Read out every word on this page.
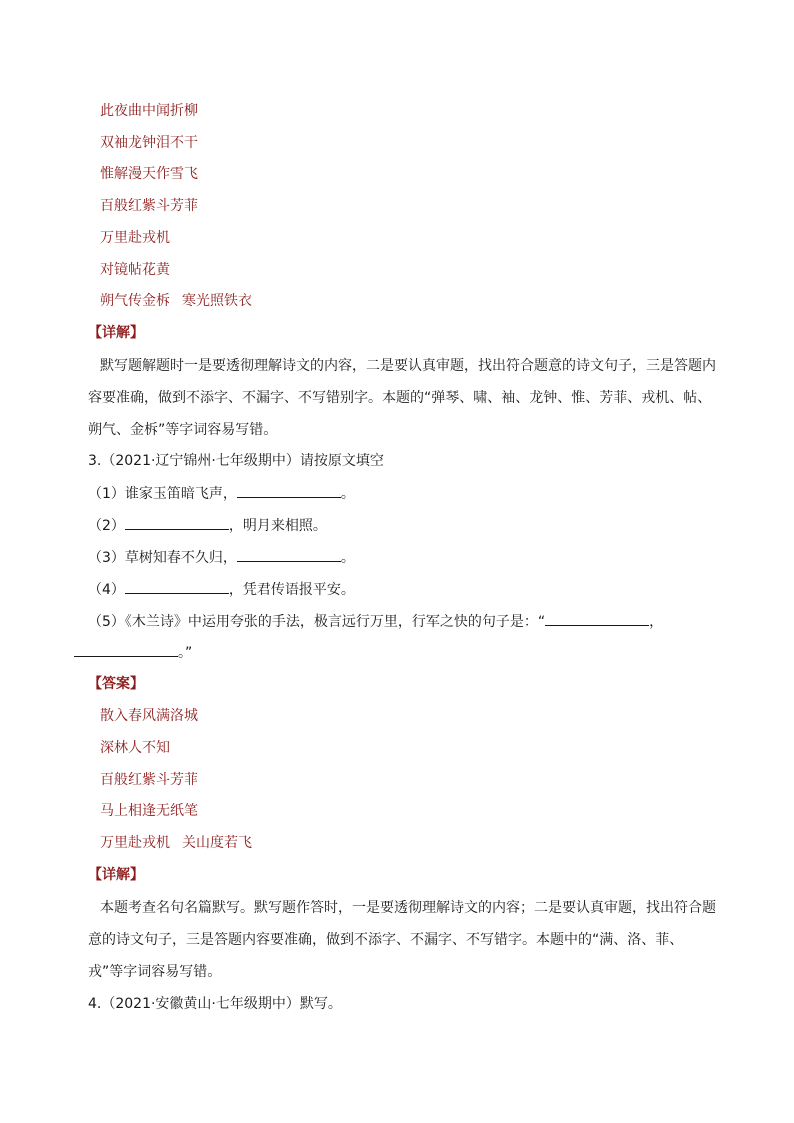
此夜曲中闻折柳
双袖龙钟泪不干
惟解漫天作雪飞
百般红紫斗芳菲
万里赴戎机
对镜帖花黄
朔气传金柝 寒光照铁衣
【详解】
默写题解题时一是要透彻理解诗文的内容，二是要认真审题，找出符合题意的诗文句子，三是答题内容要准确，做到不添字、不漏字、不写错别字。本题的“弹琴、啸、袖、龙钟、惟、芳菲、戎机、帖、朔气、金柝”等字词容易写错。
3.（2021·辽宁锦州·七年级期中）请按原文填空
（1）谁家玉笛暗飞声，	。
（2）	，明月来相照。
（3）草树知春不久归，	。
（4）	，凭君传语报平安。
（5）《木兰诗》中运用夸张的手法，极言远行万里，行军之快的句子是：“	，
。”
【答案】
散入春风满洛城
深林人不知
百般红紫斗芳菲
马上相逢无纸笔
万里赴戎机 关山度若飞
【详解】
本题考查名句名篇默写。默写题作答时，一是要透彻理解诗文的内容；二是要认真审题，找出符合题意的诗文句子，三是答题内容要准确，做到不添字、不漏字、不写错字。本题中的“满、洛、菲、戎”等字词容易写错。
4.（2021·安徽黄山·七年级期中）默写。
